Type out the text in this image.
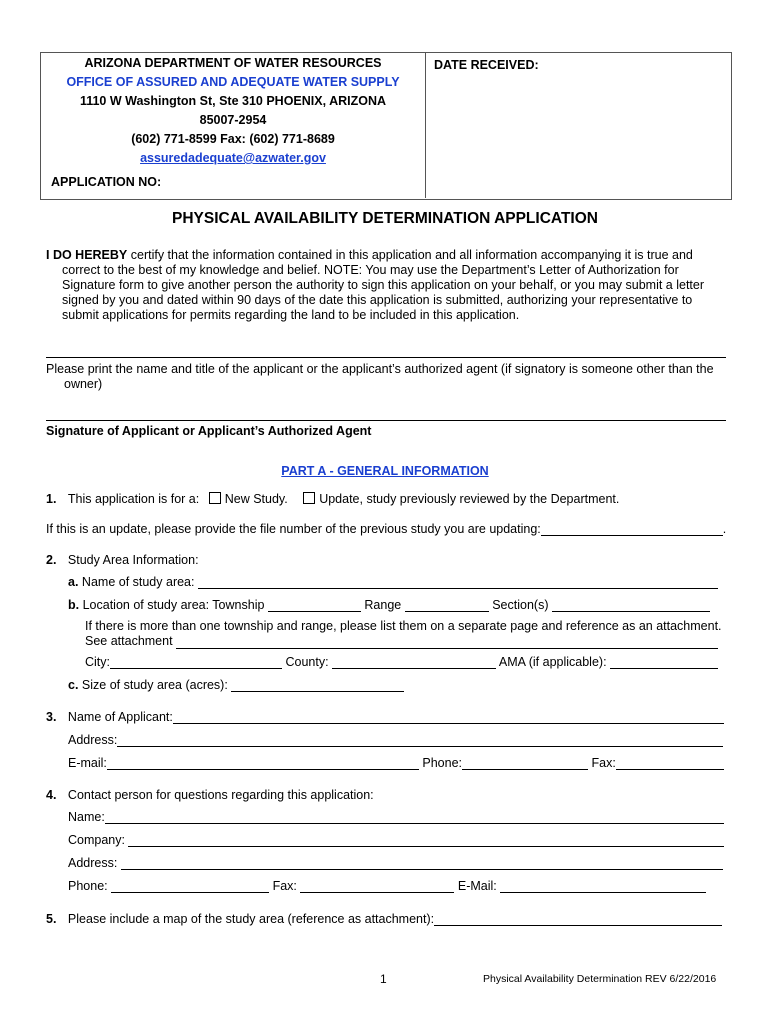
ARIZONA DEPARTMENT OF WATER RESOURCES
OFFICE OF ASSURED AND ADEQUATE WATER SUPPLY
1110 W Washington St, Ste 310 PHOENIX, ARIZONA
85007-2954
(602) 771-8599 Fax: (602) 771-8689
assuredadequate@azwater.gov
DATE RECEIVED:
APPLICATION NO:
PHYSICAL AVAILABILITY DETERMINATION APPLICATION
I DO HEREBY certify that the information contained in this application and all information accompanying it is true and
correct to the best of my knowledge and belief. NOTE: You may use the Department’s Letter of Authorization for
Signature form to give another person the authority to sign this application on your behalf, or you may submit a letter
signed by you and dated within 90 days of the date this application is submitted, authorizing your representative to
submit applications for permits regarding the land to be included in this application.
Please print the name and title of the applicant or the applicant’s authorized agent (if signatory is someone other than the
owner)
Signature of Applicant or Applicant’s Authorized Agent
PART A - GENERAL INFORMATION
1. This application is for a: New Study.	Update, study previously reviewed by the Department.
If this is an update, please provide the file number of the previous study you are updating:	.
2. Study Area Information:
a. Name of study area:
b. Location of study area: Township	Range	Section(s)
If there is more than one township and range, please list them on a separate page and reference as an attachment.
See attachment
City:	County:	AMA (if applicable):
c. Size of study area (acres):
3. Name of Applicant:
Address:
E-mail:	Phone:	Fax:
4. Contact person for questions regarding this application:
Name:
Company:
Address:
Phone:	Fax:	E-Mail:
5. Please include a map of the study area (reference as attachment):
1	Physical Availability Determination REV 6/22/2016
